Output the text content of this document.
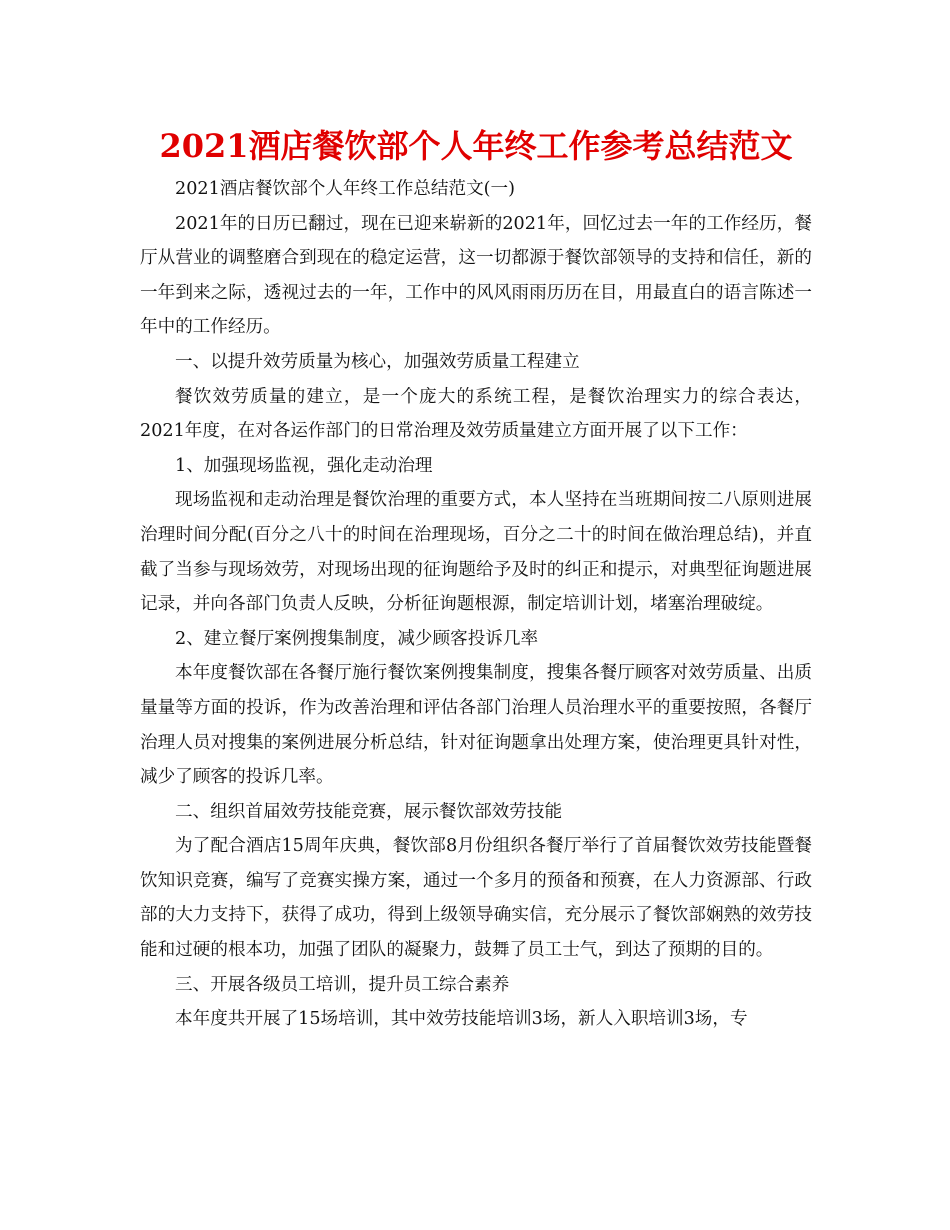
2021酒店餐饮部个人年终工作参考总结范文

2021酒店餐饮部个人年终工作总结范文(一)

2021年的日历已翻过，现在已迎来崭新的2021年，回忆过去一年的工作经历，餐厅从营业的调整磨合到现在的稳定运营，这一切都源于餐饮部领导的支持和信任，新的一年到来之际，透视过去的一年，工作中的风风雨雨历历在目，用最直白的语言陈述一年中的工作经历。

一、以提升效劳质量为核心，加强效劳质量工程建立

餐饮效劳质量的建立，是一个庞大的系统工程，是餐饮治理实力的综合表达，2021年度，在对各运作部门的日常治理及效劳质量建立方面开展了以下工作：

1、加强现场监视，强化走动治理

现场监视和走动治理是餐饮治理的重要方式，本人坚持在当班期间按二八原则进展治理时间分配(百分之八十的时间在治理现场，百分之二十的时间在做治理总结)，并直截了当参与现场效劳，对现场出现的征询题给予及时的纠正和提示，对典型征询题进展记录，并向各部门负责人反映，分析征询题根源，制定培训计划，堵塞治理破绽。

2、建立餐厅案例搜集制度，减少顾客投诉几率

本年度餐饮部在各餐厅施行餐饮案例搜集制度，搜集各餐厅顾客对效劳质量、出质量量等方面的投诉，作为改善治理和评估各部门治理人员治理水平的重要按照，各餐厅治理人员对搜集的案例进展分析总结，针对征询题拿出处理方案，使治理更具针对性，减少了顾客的投诉几率。

二、组织首届效劳技能竞赛，展示餐饮部效劳技能

为了配合酒店15周年庆典，餐饮部8月份组织各餐厅举行了首届餐饮效劳技能暨餐饮知识竞赛，编写了竞赛实操方案，通过一个多月的预备和预赛，在人力资源部、行政部的大力支持下，获得了成功，得到上级领导确实信，充分展示了餐饮部娴熟的效劳技能和过硬的根本功，加强了团队的凝聚力，鼓舞了员工士气，到达了预期的目的。

三、开展各级员工培训，提升员工综合素养

本年度共开展了15场培训，其中效劳技能培训3场，新人入职培训3场，专
